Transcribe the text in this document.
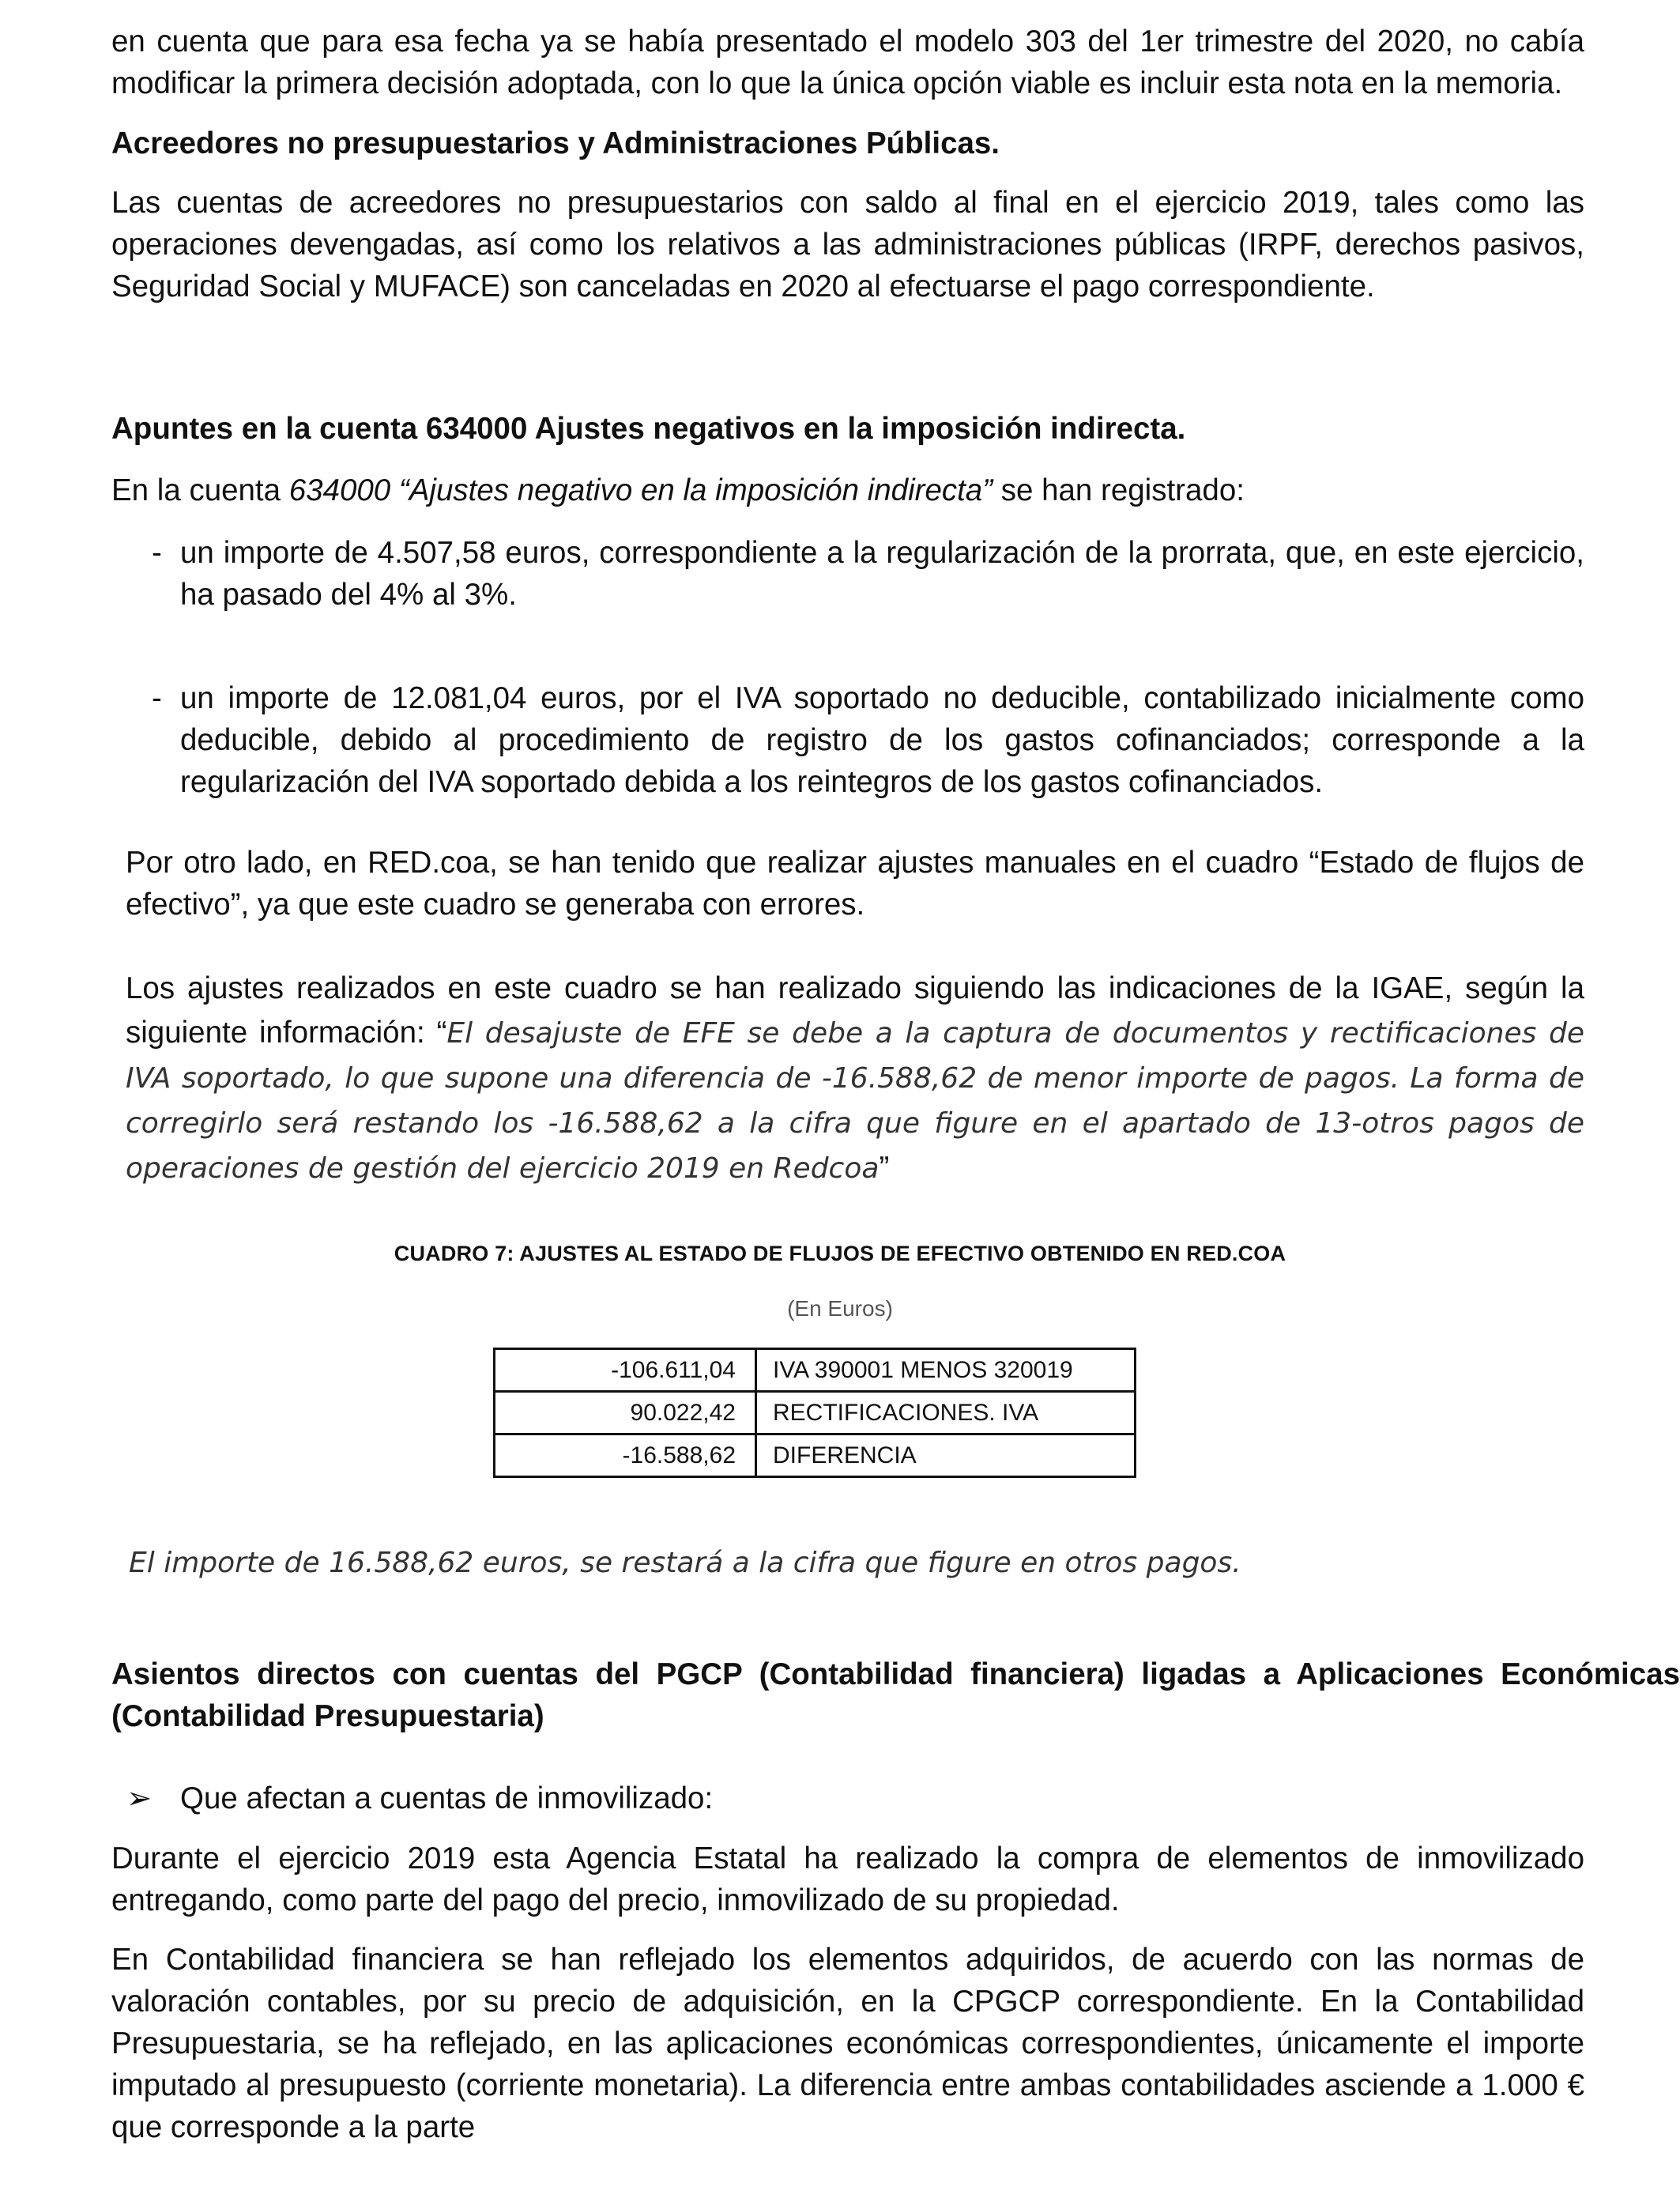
en cuenta que para esa fecha ya se había presentado el modelo 303 del 1er trimestre del 2020, no cabía modificar la primera decisión adoptada, con lo que la única opción viable es incluir esta nota en la memoria.

Acreedores no presupuestarios y Administraciones Públicas.

Las cuentas de acreedores no presupuestarios con saldo al final en el ejercicio 2019, tales como las operaciones devengadas, así como los relativos a las administraciones públicas (IRPF, derechos pasivos, Seguridad Social y MUFACE) son canceladas en 2020 al efectuarse el pago correspondiente.

Apuntes en la cuenta 634000 Ajustes negativos en la imposición indirecta.

En la cuenta 634000 “Ajustes negativo en la imposición indirecta” se han registrado:

- un importe de 4.507,58 euros, correspondiente a la regularización de la prorrata, que, en este ejercicio, ha pasado del 4% al 3%.
- un importe de 12.081,04 euros, por el IVA soportado no deducible, contabilizado inicialmente como deducible, debido al procedimiento de registro de los gastos cofinanciados; corresponde a la regularización del IVA soportado debida a los reintegros de los gastos cofinanciados.

Por otro lado, en RED.coa, se han tenido que realizar ajustes manuales en el cuadro “Estado de flujos de efectivo”, ya que este cuadro se generaba con errores.

Los ajustes realizados en este cuadro se han realizado siguiendo las indicaciones de la IGAE, según la siguiente información: “El desajuste de EFE se debe a la captura de documentos y rectificaciones de IVA soportado, lo que supone una diferencia de -16.588,62 de menor importe de pagos. La forma de corregirlo será restando los -16.588,62 a la cifra que figure en el apartado de 13-otros pagos de operaciones de gestión del ejercicio 2019 en Redcoa”

CUADRO 7: AJUSTES AL ESTADO DE FLUJOS DE EFECTIVO OBTENIDO EN RED.COA
(En Euros)
-106.611,04	IVA 390001 MENOS 320019
90.022,42	RECTIFICACIONES. IVA
-16.588,62	DIFERENCIA
El importe de 16.588,62 euros, se restará a la cifra que figure en otros pagos.

Asientos directos con cuentas del PGCP (Contabilidad financiera) ligadas a Aplicaciones Económicas (Contabilidad Presupuestaria)

➢ Que afectan a cuentas de inmovilizado:

Durante el ejercicio 2019 esta Agencia Estatal ha realizado la compra de elementos de inmovilizado entregando, como parte del pago del precio, inmovilizado de su propiedad.

En Contabilidad financiera se han reflejado los elementos adquiridos, de acuerdo con las normas de valoración contables, por su precio de adquisición, en la CPGCP correspondiente. En la Contabilidad Presupuestaria, se ha reflejado, en las aplicaciones económicas correspondientes, únicamente el importe imputado al presupuesto (corriente monetaria). La diferencia entre ambas contabilidades asciende a 1.000 € que corresponde a la parte
